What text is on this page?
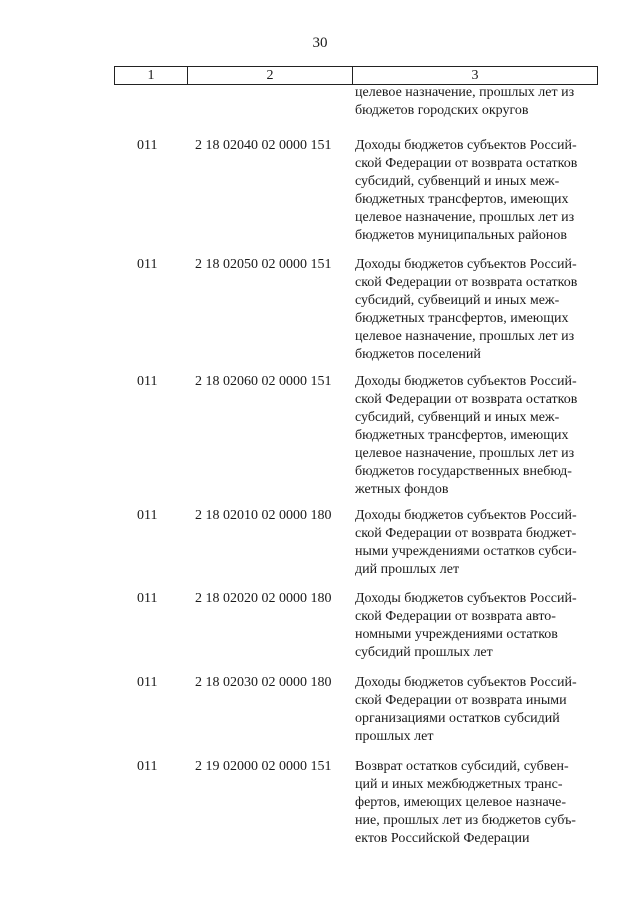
30
1	2	3
целевое назначение, прошлых лет из
бюджетов городских округов
011	2 18 02040 02 0000 151 Доходы бюджетов субъектов Россий-
ской Федерации от возврата остатков
субсидий, субвенций и иных меж-
бюджетных трансфертов, имеющих
целевое назначение, прошлых лет из
бюджетов муниципальных районов
011	2 18 02050 02 0000 151 Доходы бюджетов субъектов Россий-
ской Федерации от возврата остатков
субсидий, субвеиций и иных меж-
бюджетных трансфертов, имеющих
целевое назначение, прошлых лет из
бюджетов поселений
011	2 18 02060 02 0000 151 Доходы бюджетов субъектов Россий-
ской Федерации от возврата остатков
субсидий, субвенций и иных меж-
бюджетных трансфертов, имеющих
целевое назначение, прошлых лет из
бюджетов государственных внебюд-
жетных фондов
011	2 18 02010 02 0000 180 Доходы бюджетов субъектов Россий-
ской Федерации от возврата бюджет-
ными учреждениями остатков субси-
дий прошлых лет
011	2 18 02020 02 0000 180 Доходы бюджетов субъектов Россий-
ской Федерации от возврата авто-
номными учреждениями остатков
субсидий прошлых лет
011	2 18 02030 02 0000 180 Доходы бюджетов субъектов Россий-
ской Федерации от возврата иными
организациями остатков субсидий
прошлых лет
011	2 19 02000 02 0000 151 Возврат остатков субсидий, субвен-
ций и иных межбюджетных транс-
фертов, имеющих целевое назначе-
ние, прошлых лет из бюджетов субъ-
ектов Российской Федерации
